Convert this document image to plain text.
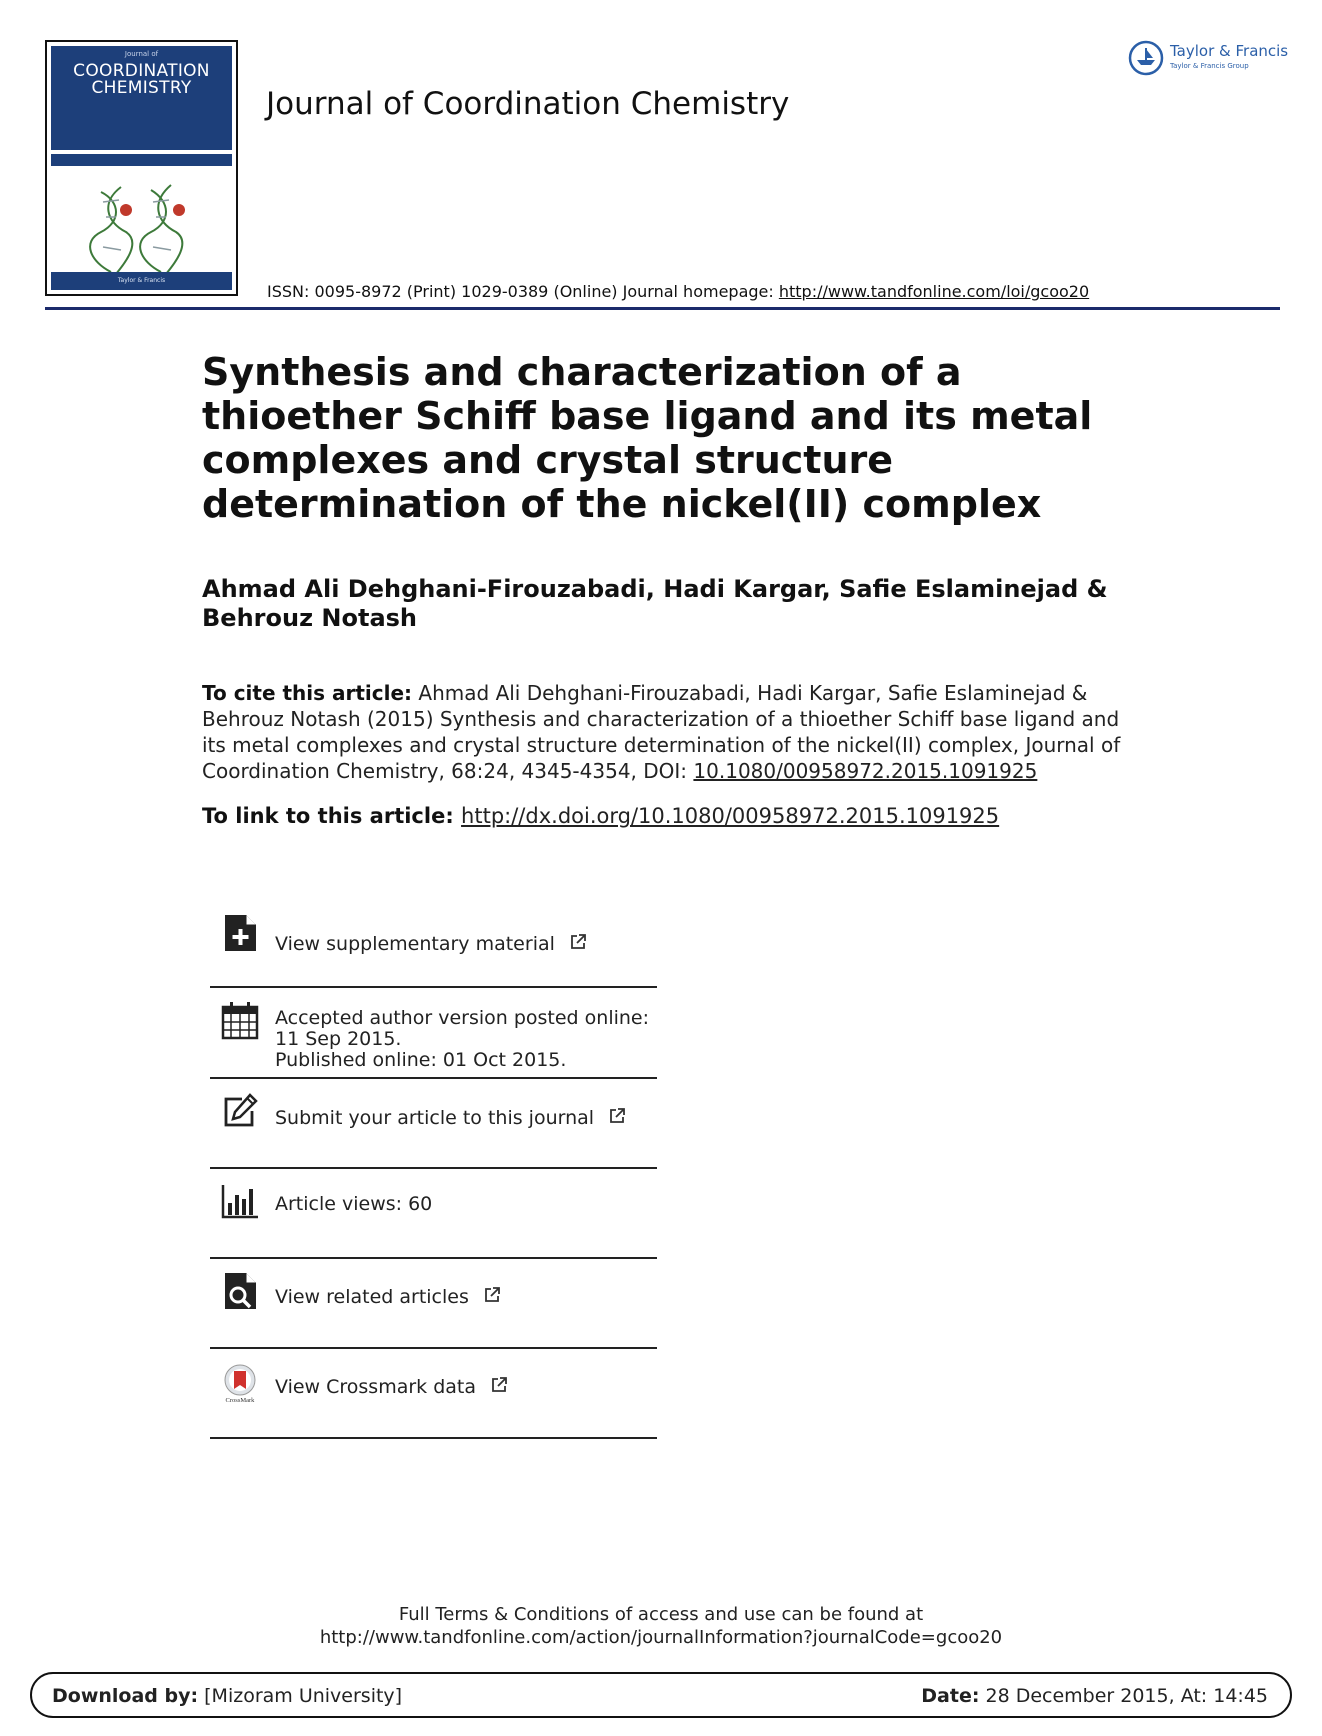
Journal of
COORDINATION
CHEMISTRY
Taylor & Francis
Journal of Coordination Chemistry
Taylor & Francis
Taylor & Francis Group
ISSN: 0095-8972 (Print) 1029-0389 (Online) Journal homepage: http://www.tandfonline.com/loi/gcoo20
Synthesis and characterization of a thioether Schiff base ligand and its metal complexes and crystal structure determination of the nickel(II) complex
Ahmad Ali Dehghani-Firouzabadi, Hadi Kargar, Safie Eslaminejad & Behrouz Notash
To cite this article: Ahmad Ali Dehghani-Firouzabadi, Hadi Kargar, Safie Eslaminejad & Behrouz Notash (2015) Synthesis and characterization of a thioether Schiff base ligand and its metal complexes and crystal structure determination of the nickel(II) complex, Journal of Coordination Chemistry, 68:24, 4345-4354, DOI: 10.1080/00958972.2015.1091925
To link to this article: http://dx.doi.org/10.1080/00958972.2015.1091925
View supplementary material
Accepted author version posted online: 11 Sep 2015.
Published online: 01 Oct 2015.
Submit your article to this journal
Article views: 60
View related articles
CrossMark
View Crossmark data
Full Terms & Conditions of access and use can be found at
http://www.tandfonline.com/action/journalInformation?journalCode=gcoo20
Download by: [Mizoram University]	Date: 28 December 2015, At: 14:45
